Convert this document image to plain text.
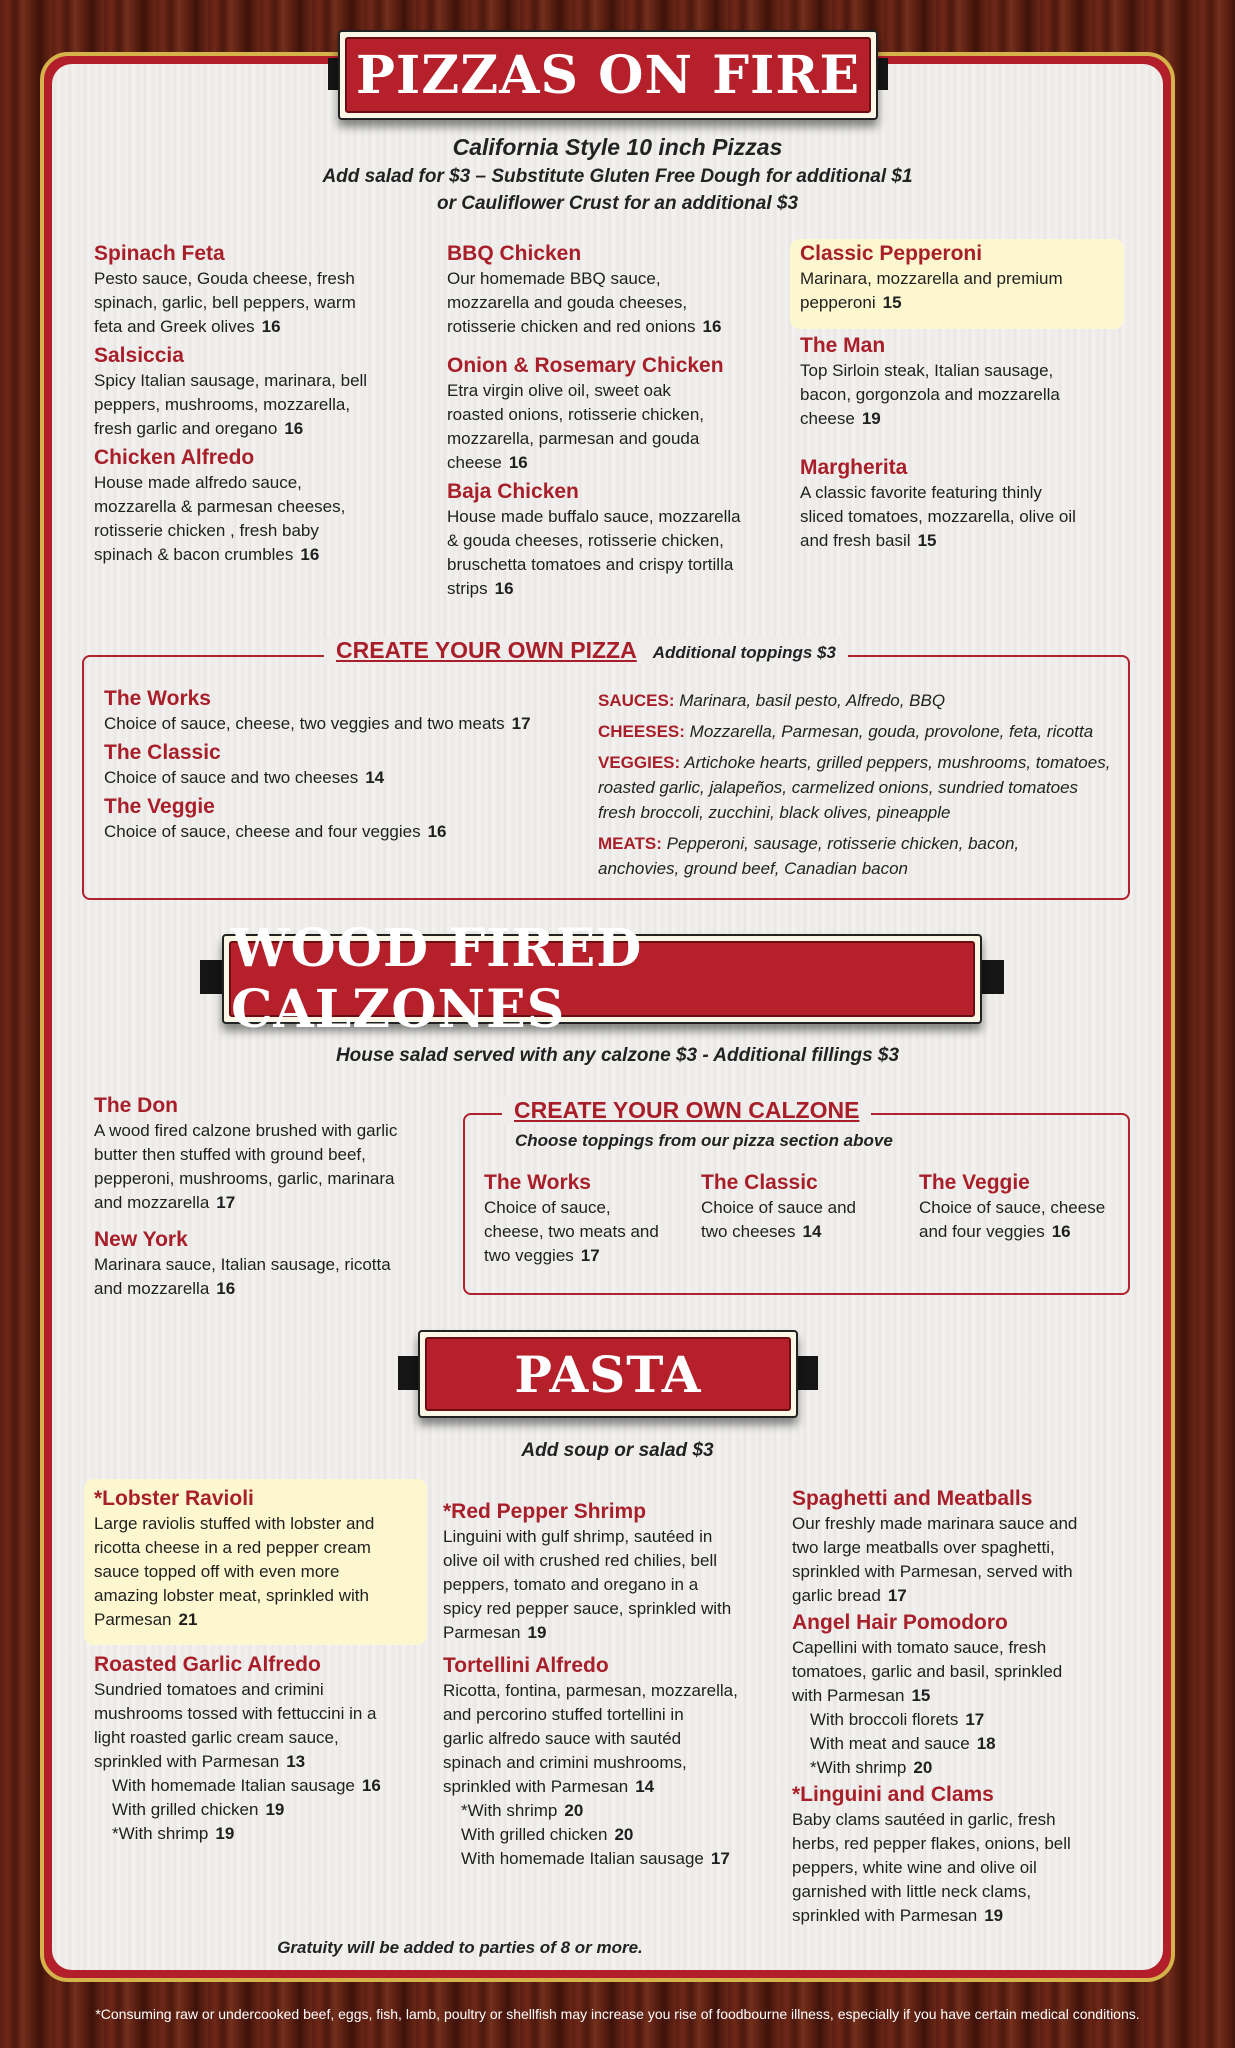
PIZZAS ON FIRE
California Style 10 inch Pizzas
Add salad for $3 – Substitute Gluten Free Dough for additional $1
or Cauliflower Crust for an additional $3
Spinach Feta
Pesto sauce, Gouda cheese, fresh
spinach, garlic, bell peppers, warm
feta and Greek olives 16
Salsiccia
Spicy Italian sausage, marinara, bell
peppers, mushrooms, mozzarella,
fresh garlic and oregano 16
Chicken Alfredo
House made alfredo sauce,
mozzarella & parmesan cheeses,
rotisserie chicken , fresh baby
spinach & bacon crumbles 16
BBQ Chicken
Our homemade BBQ sauce,
mozzarella and gouda cheeses,
rotisserie chicken and red onions 16
Onion & Rosemary Chicken
Etra virgin olive oil, sweet oak
roasted onions, rotisserie chicken,
mozzarella, parmesan and gouda
cheese 16
Baja Chicken
House made buffalo sauce, mozzarella
& gouda cheeses, rotisserie chicken,
bruschetta tomatoes and crispy tortilla
strips 16
Classic Pepperoni
Marinara, mozzarella and premium
pepperoni 15
The Man
Top Sirloin steak, Italian sausage,
bacon, gorgonzola and mozzarella
cheese 19
Margherita
A classic favorite featuring thinly
sliced tomatoes, mozzarella, olive oil
and fresh basil 15
CREATE YOUR OWN PIZZA Additional toppings $3
The Works
Choice of sauce, cheese, two veggies and two meats 17
The Classic
Choice of sauce and two cheeses 14
The Veggie
Choice of sauce, cheese and four veggies 16
SAUCES: Marinara, basil pesto, Alfredo, BBQ
CHEESES: Mozzarella, Parmesan, gouda, provolone, feta, ricotta
VEGGIES: Artichoke hearts, grilled peppers, mushrooms, tomatoes,
roasted garlic, jalapeños, carmelized onions, sundried tomatoes
fresh broccoli, zucchini, black olives, pineapple
MEATS: Pepperoni, sausage, rotisserie chicken, bacon,
anchovies, ground beef, Canadian bacon
WOOD FIRED CALZONES
House salad served with any calzone $3 - Additional fillings $3
The Don
A wood fired calzone brushed with garlic
butter then stuffed with ground beef,
pepperoni, mushrooms, garlic, marinara
and mozzarella 17
New York
Marinara sauce, Italian sausage, ricotta
and mozzarella 16
CREATE YOUR OWN CALZONE
Choose toppings from our pizza section above
The Works
Choice of sauce,
cheese, two meats and
two veggies 17
The Classic
Choice of sauce and
two cheeses 14
The Veggie
Choice of sauce, cheese
and four veggies 16
PASTA
Add soup or salad $3
*Lobster Ravioli
Large raviolis stuffed with lobster and
ricotta cheese in a red pepper cream
sauce topped off with even more
amazing lobster meat, sprinkled with
Parmesan 21
Roasted Garlic Alfredo
Sundried tomatoes and crimini
mushrooms tossed with fettuccini in a
light roasted garlic cream sauce,
sprinkled with Parmesan 13
With homemade Italian sausage 16
With grilled chicken 19
*With shrimp 19
*Red Pepper Shrimp
Linguini with gulf shrimp, sautéed in
olive oil with crushed red chilies, bell
peppers, tomato and oregano in a
spicy red pepper sauce, sprinkled with
Parmesan 19
Tortellini Alfredo
Ricotta, fontina, parmesan, mozzarella,
and percorino stuffed tortellini in
garlic alfredo sauce with sautéd
spinach and crimini mushrooms,
sprinkled with Parmesan 14
*With shrimp 20
With grilled chicken 20
With homemade Italian sausage 17
Spaghetti and Meatballs
Our freshly made marinara sauce and
two large meatballs over spaghetti,
sprinkled with Parmesan, served with
garlic bread 17
Angel Hair Pomodoro
Capellini with tomato sauce, fresh
tomatoes, garlic and basil, sprinkled
with Parmesan 15
With broccoli florets 17
With meat and sauce 18
*With shrimp 20
*Linguini and Clams
Baby clams sautéed in garlic, fresh
herbs, red pepper flakes, onions, bell
peppers, white wine and olive oil
garnished with little neck clams,
sprinkled with Parmesan 19
Gratuity will be added to parties of 8 or more.
*Consuming raw or undercooked beef, eggs, fish, lamb, poultry or shellfish may increase you rise of foodbourne illness, especially if you have certain medical conditions.
